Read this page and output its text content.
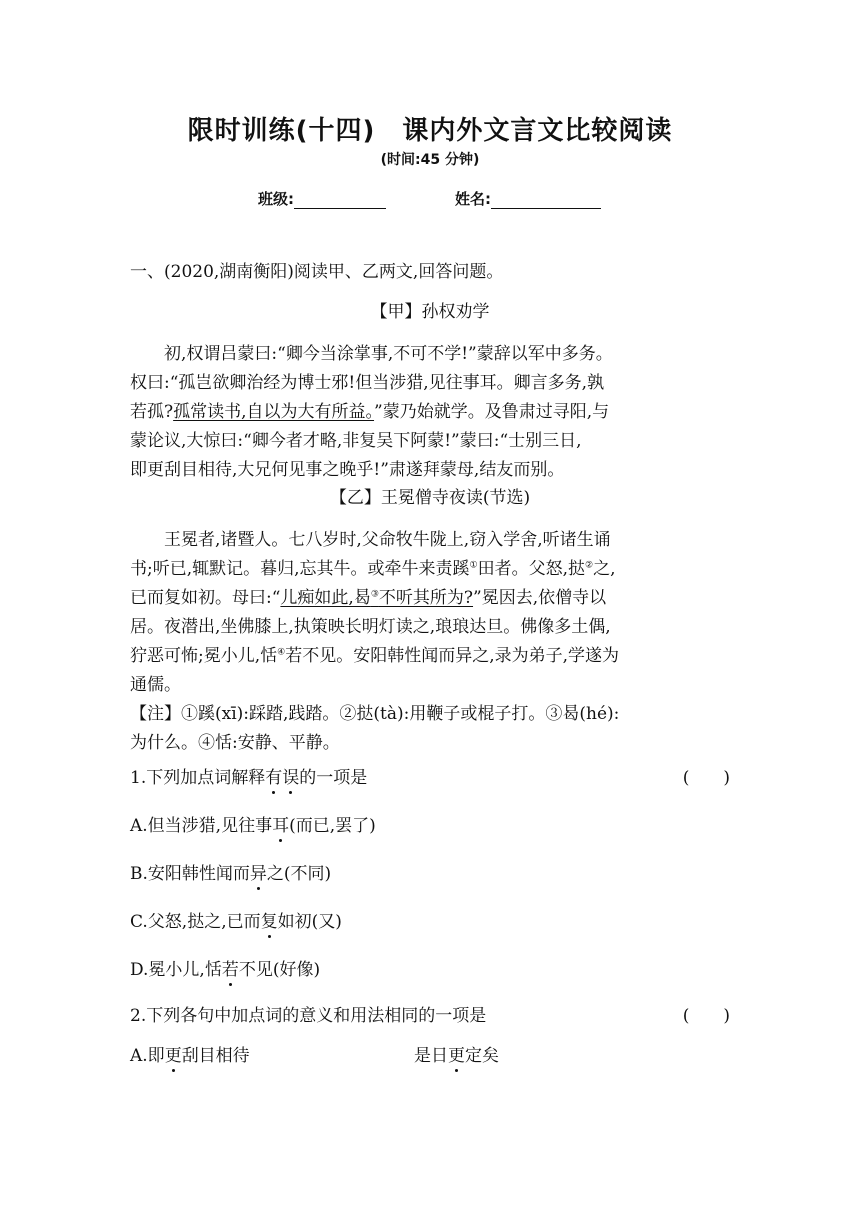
限时训练(十四)　课内外文言文比较阅读
(时间:45 分钟)
班级:	姓名:
一、(2020,湖南衡阳)阅读甲、乙两文,回答问题。
【甲】孙权劝学
初,权谓吕蒙曰:“卿今当涂掌事,不可不学!”蒙辞以军中多务。
权曰:“孤岂欲卿治经为博士邪!但当涉猎,见往事耳。卿言多务,孰
若孤?孤常读书,自以为大有所益。”蒙乃始就学。及鲁肃过寻阳,与
蒙论议,大惊曰:“卿今者才略,非复吴下阿蒙!”蒙曰:“士别三日,
即更刮目相待,大兄何见事之晚乎!”肃遂拜蒙母,结友而别。
【乙】王冕僧寺夜读(节选)
王冕者,诸暨人。七八岁时,父命牧牛陇上,窃入学舍,听诸生诵
书;听已,辄默记。暮归,忘其牛。或牵牛来责蹊①田者。父怒,挞②之,
已而复如初。母曰:“儿痴如此,曷③不听其所为?”冕因去,依僧寺以
居。夜潜出,坐佛膝上,执策映长明灯读之,琅琅达旦。佛像多土偶,
狞恶可怖;冕小儿,恬④若不见。安阳韩性闻而异之,录为弟子,学遂为
通儒。
【注】①蹊(xī):踩踏,践踏。②挞(tà):用鞭子或棍子打。③曷(hé):
为什么。④恬:安静、平静。
1.下列加点词解释有误的一项是	(　　)
A.但当涉猎,见往事耳(而已,罢了)
B.安阳韩性闻而异之(不同)
C.父怒,挞之,已而复如初(又)
D.冕小儿,恬若不见(好像)
2.下列各句中加点词的意义和用法相同的一项是	(　　)
A.即更刮目相待	是日更定矣
